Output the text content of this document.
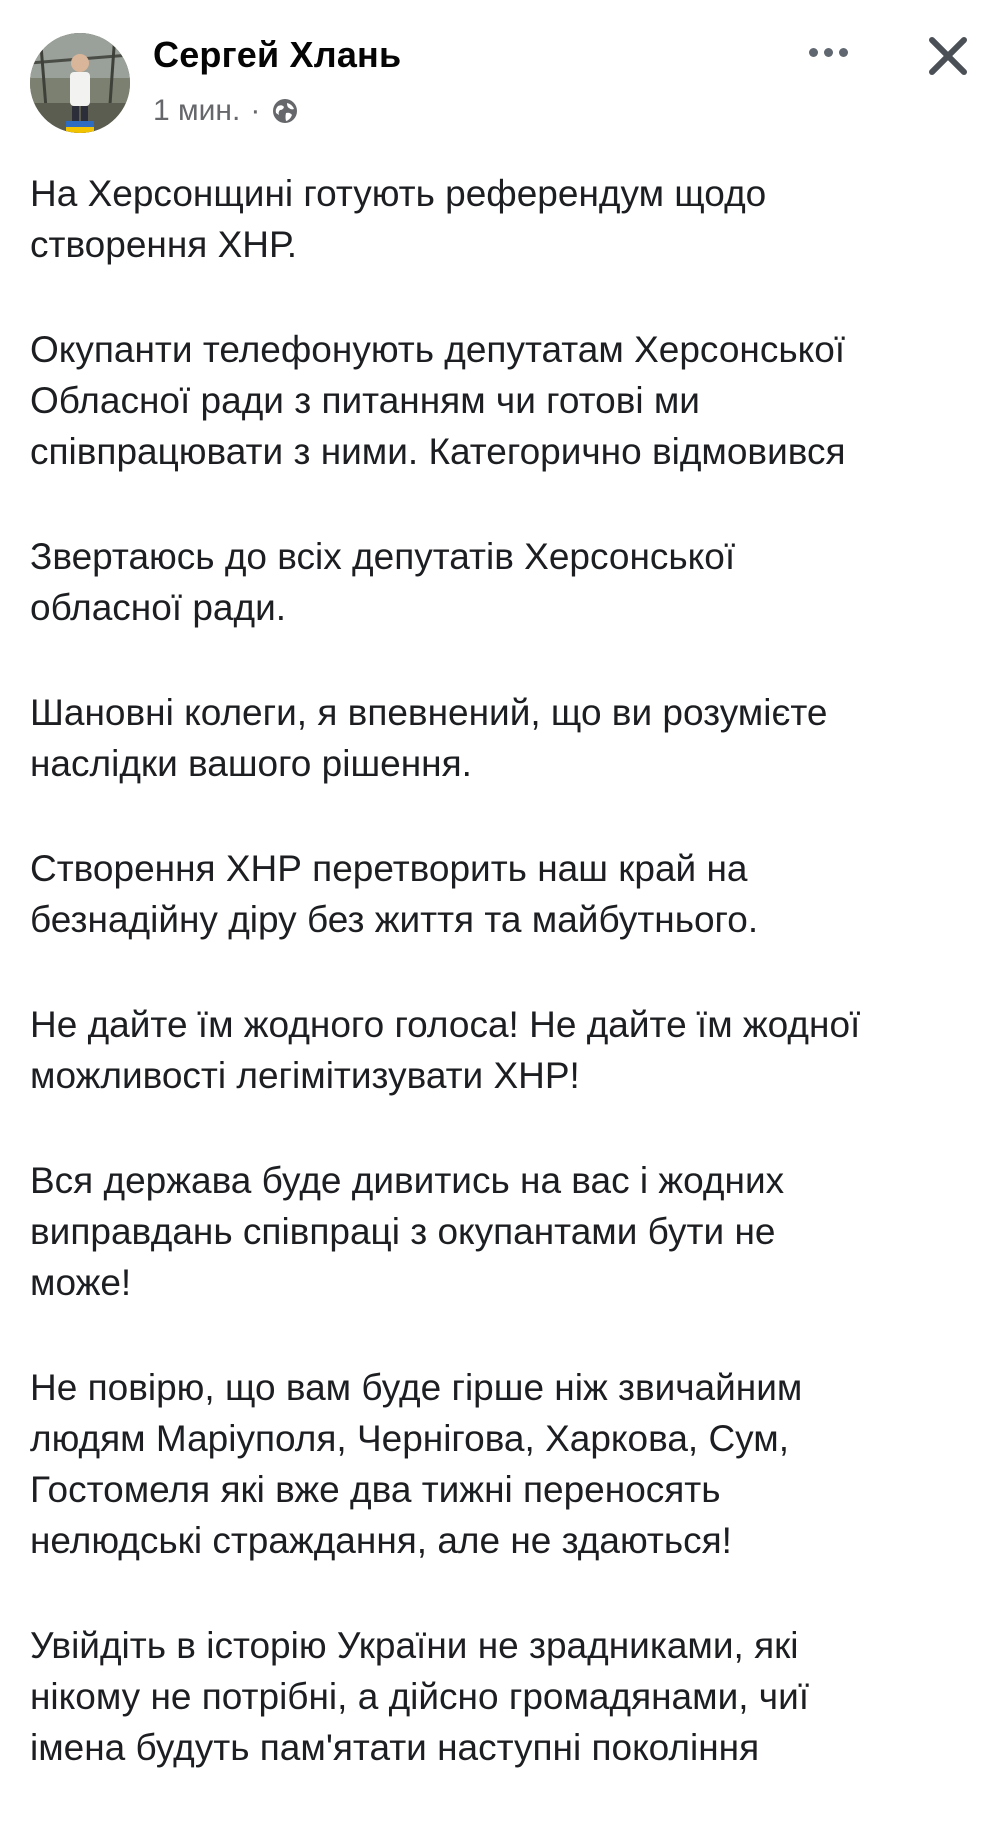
Сергей Хлань
1 мин. ·

На Херсонщині готують референдум щодо
створення ХНР.

Окупанти телефонують депутатам Херсонської
Обласної ради з питанням чи готові ми
співпрацювати з ними. Категорично відмовився

Звертаюсь до всіх депутатів Херсонської
обласної ради.

Шановні колеги, я впевнений, що ви розумієте
наслідки вашого рішення.

Створення ХНР перетворить наш край на
безнадійну діру без життя та майбутнього.

Не дайте їм жодного голоса! Не дайте їм жодної
можливості легімітизувати ХНР!

Вся держава буде дивитись на вас і жодних
виправдань співпраці з окупантами бути не
може!

Не повірю, що вам буде гірше ніж звичайним
людям Маріуполя, Чернігова, Харкова, Сум,
Гостомеля які вже два тижні переносять
нелюдські страждання, але не здаються!

Увійдіть в історію України не зрадниками, які
нікому не потрібні, а дійсно громадянами, чиї
імена будуть пам'ятати наступні покоління
